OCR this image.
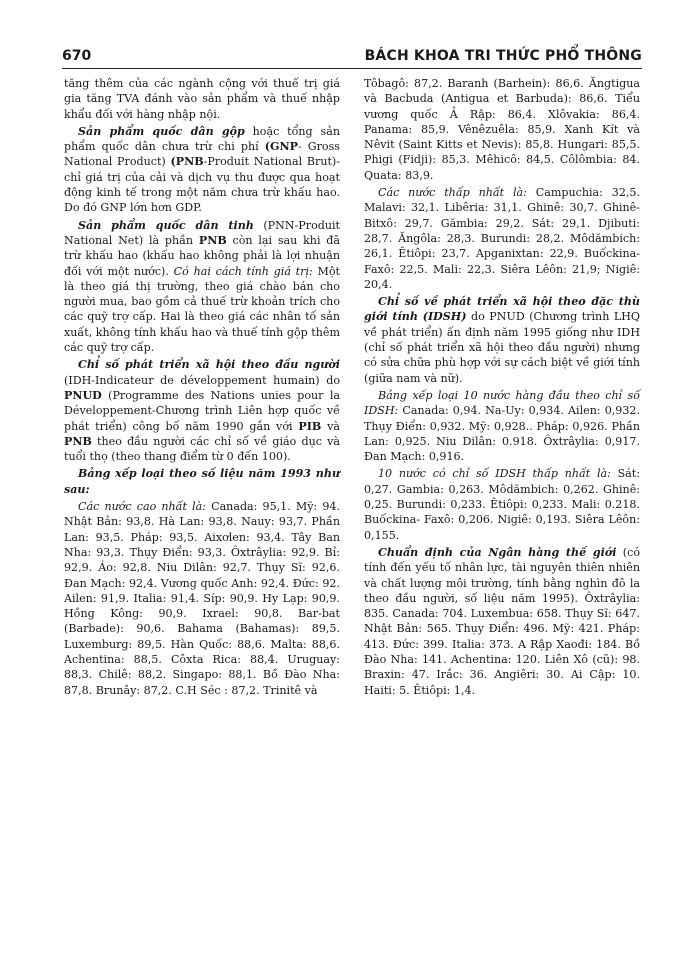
670	BÁCH KHOA TRI THỨC PHỔ THÔNG

tăng thêm của các ngành cộng với thuế trị giá gia tăng TVA đánh vào sản phẩm và thuế nhập khẩu đối với hàng nhập nội.

Sản phẩm quốc dân gộp hoặc tổng sản phẩm quốc dân chưa trừ chi phí (GNP- Gross National Product) (PNB-Produit National Brut)- chỉ giá trị của cải và dịch vụ thu được qua hoạt động kinh tế trong một năm chưa trừ khấu hao. Do đó GNP lớn hơn GDP.

Sản phẩm quốc dân tinh (PNN-Produit National Net) là phần PNB còn lại sau khi đã trừ khấu hao (khấu hao không phải là lợi nhuận đối với một nước). Có hai cách tính giá trị: Một là theo giá thị trường, theo giá chào bán cho người mua, bao gồm cả thuế trừ khoản trích cho các quỹ trợ cấp. Hai là theo giá các nhân tố sản xuất, không tính khấu hao và thuế tính gộp thêm các quỹ trợ cấp.

Chỉ số phát triển xã hội theo đầu người (IDH-Indicateur de développement humain) do PNUD (Programme des Nations unies pour la Développement-Chương trình Liên hợp quốc về phát triển) công bố năm 1990 gắn với PIB và PNB theo đầu người các chỉ số về giáo dục và tuổi thọ (theo thang điểm từ 0 đến 100).

Bảng xếp loại theo số liệu năm 1993 như sau:

Các nước cao nhất là: Canada: 95,1. Mỹ: 94. Nhật Bản: 93,8. Hà Lan: 93,8. Nauy: 93,7. Phần Lan: 93,5. Pháp: 93,5. Aixơlen: 93,4. Tây Ban Nha: 93,3. Thụy Điển: 93,3. Ôxtrâylia: 92,9. Bỉ: 92,9. Áo: 92,8. Niu Dilân: 92,7. Thụy Sĩ: 92,6. Đan Mạch: 92,4. Vương quốc Anh: 92,4. Đức: 92. Ailen: 91,9. Italia: 91,4. Síp: 90,9. Hy Lạp: 90,9. Hồng Kông: 90,9. Ixrael: 90,8. Bar-bat (Barbade): 90,6. Bahama (Bahamas): 89,5. Luxemburg: 89,5. Hàn Quốc: 88,6. Malta: 88,6. Achentina: 88,5. Côxta Rica: 88,4. Uruguay: 88,3. Chilê: 88,2. Singapo: 88,1. Bồ Đào Nha: 87,8. Brunây: 87,2. C.H Séc : 87,2. Trinitê và

Tôbagô: 87,2. Baranh (Barhein): 86,6. Ăngtigua và Bacbuda (Antigua et Barbuda): 86,6. Tiểu vương quốc Ả Rập: 86,4. Xlôvakia: 86,4. Panama: 85,9. Vênêzuêla: 85,9. Xanh Kít và Nêvit (Saint Kitts et Nevis): 85,8. Hungari: 85,5. Phigi (Fidji): 85,3. Mêhicô: 84,5. Côlômbia: 84. Quata: 83,9.

Các nước thấp nhất là: Campuchia: 32,5. Malavi: 32,1. Libêria: 31,1. Ghinê: 30,7. Ghinê-Bitxô: 29,7. Gămbia: 29,2. Sát: 29,1. Djibuti: 28,7. Ăngôla: 28,3. Burundi: 28,2. Môdămbich: 26,1. Êtiôpi: 23,7. Apganixtan: 22,9. Buốckina-Faxô: 22,5. Mali: 22,3. Siêra Lêôn: 21,9; Nigiê: 20,4.

Chỉ số về phát triển xã hội theo đặc thù giới tính (IDSH) do PNUD (Chương trình LHQ về phát triển) ấn định năm 1995 giống như IDH (chỉ số phát triển xã hội theo đầu người) nhưng có sửa chữa phù hợp với sự cách biệt về giới tính (giữa nam và nữ).

Bảng xếp loại 10 nước hàng đầu theo chỉ số IDSH: Canada: 0,94. Na-Uy: 0,934. Ailen: 0,932. Thụy Điển: 0,932. Mỹ: 0,928.. Pháp: 0,926. Phần Lan: 0,925. Niu Dilân: 0.918. Ôxtrâylia: 0,917. Đan Mạch: 0,916.

10 nước có chỉ số IDSH thấp nhất là: Sát: 0,27. Gambia: 0,263. Môdămbich: 0,262. Ghinê: 0,25. Burundi: 0,233. Êtiôpi: 0,233. Mali: 0.218. Buốckina- Faxô: 0,206. Nigiê: 0,193. Siêra Lêôn: 0,155.

Chuẩn định của Ngân hàng thế giới (có tính đến yếu tố nhân lực, tài nguyên thiên nhiên và chất lượng môi trường, tính bằng nghìn đô la theo đầu người, số liệu năm 1995). Ôxtrâylia: 835. Canada: 704. Luxembua: 658. Thụy Sĩ: 647. Nhật Bản: 565. Thụy Điển: 496. Mỹ: 421. Pháp: 413. Đức: 399. Italia: 373. A Rập Xaođi: 184. Bồ Đào Nha: 141. Achentina: 120. Liên Xô (cũ): 98. Braxin: 47. Irắc: 36. Angiêri: 30. Ai Cập: 10. Haiti: 5. Êtiôpi: 1,4.
